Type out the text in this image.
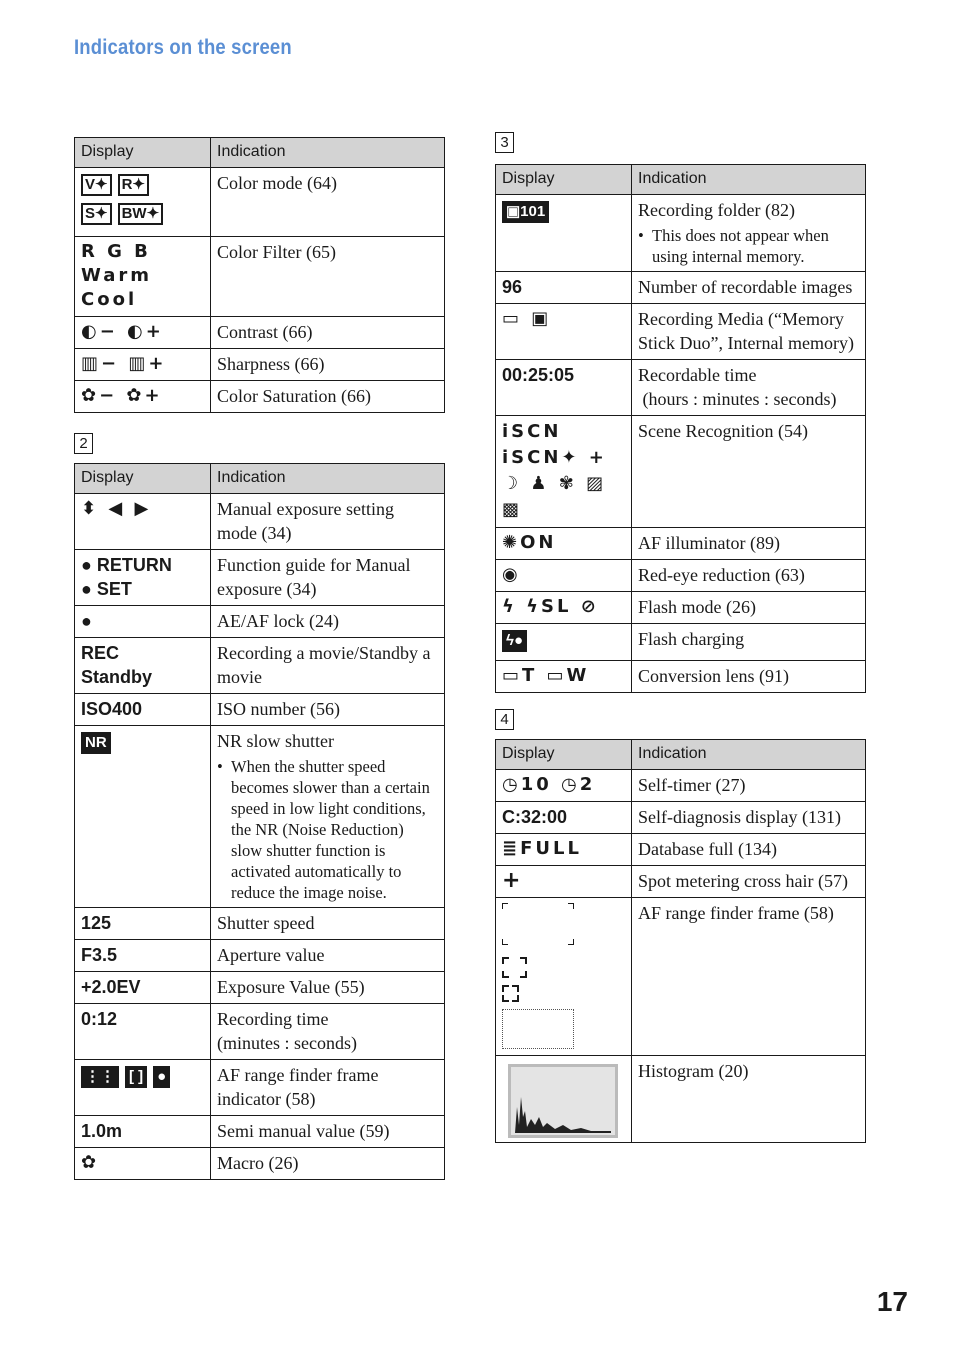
Indicators on the screen
Display	Indication
V✦ R✦
S✦ BW✦	Color mode (64)
R G B Warm Cool	Color Filter (65)
◐− ◐+	Contrast (66)
▥− ▥+	Sharpness (66)
✿− ✿+	Color Saturation (66)
2
Display	Indication
⬍ ◀ ▶	Manual exposure setting mode (34)
● RETURN
● SET	Function guide for Manual exposure (34)
●	AE/AF lock (24)
REC
Standby	Recording a movie/Standby a movie
ISO400	ISO number (56)
NR	NR slow shutter
• When the shutter speed becomes slower than a certain speed in low light conditions, the NR (Noise Reduction) slow shutter function is activated automatically to reduce the image noise.

125	Shutter speed
F3.5	Aperture value
+2.0EV	Exposure Value (55)
0:12	Recording time
(minutes : seconds)
⋮⋮ [ ] ●	AF range finder frame indicator (58)
1.0m	Semi manual value (59)
✿	Macro (26)
3
Display	Indication
▣101	Recording folder (82)
• This does not appear when using internal memory.

96	Number of recordable images
▭ ▣	Recording Media (“Memory Stick Duo”, Internal memory)
00:25:05	Recordable time
(hours : minutes : seconds)
iSCN iSCN✦ + ☽ ♟ ✾ ▨ ▩	Scene Recognition (54)
✺ON	AF illuminator (89)
◉	Red-eye reduction (63)
ϟ ϟSL ⊘	Flash mode (26)
ϟ●	Flash charging
▭T ▭W	Conversion lens (91)
4
Display	Indication
◷10 ◷2	Self-timer (27)
C:32:00	Self-diagnosis display (131)
≣FULL	Database full (134)
+	Spot metering cross hair (57)

	AF range finder frame (58)

	Histogram (20)
17
